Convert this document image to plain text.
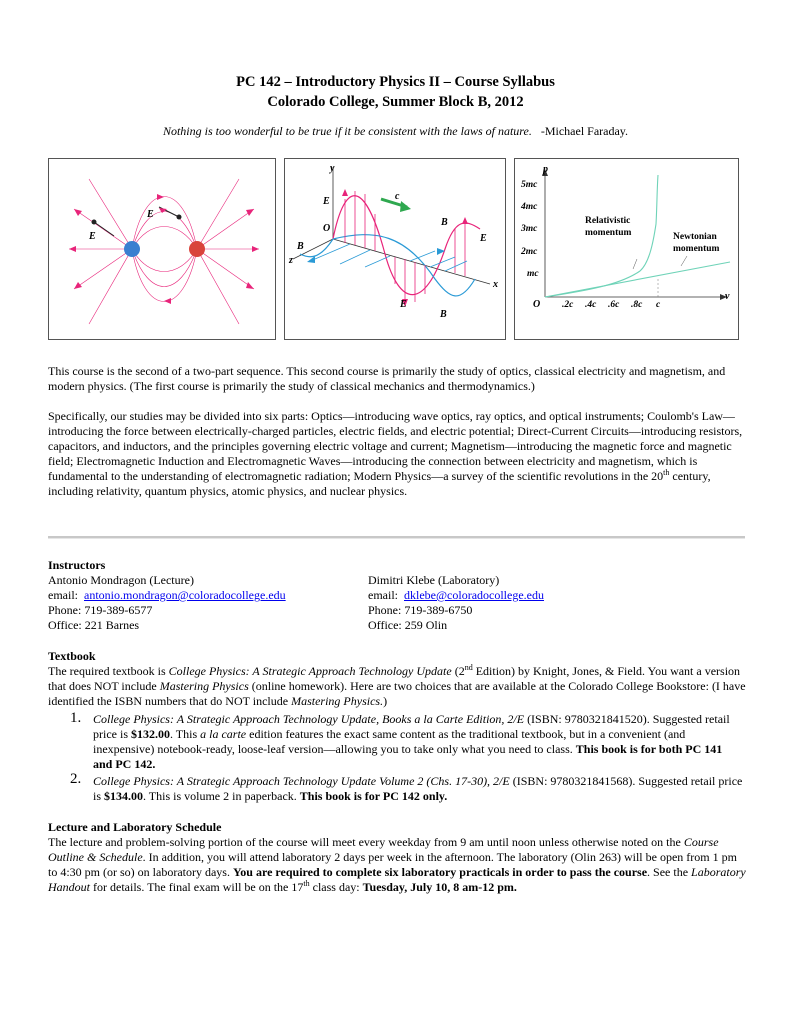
PC 142 – Introductory Physics II – Course Syllabus
Colorado College, Summer Block B, 2012
Nothing is too wonderful to be true if it be consistent with the laws of nature. -Michael Faraday.
E
E
y
x
z
O
c
E
E
E
B
B
B
p
v
O
5mc
4mc
3mc
2mc
mc
.2c .4c .6c .8c c
Relativistic
momentum	Newtonian
momentum
This course is the second of a two-part sequence. This second course is primarily the study of optics, classical electricity and magnetism, and modern physics. (The first course is primarily the study of classical mechanics and thermodynamics.)
Specifically, our studies may be divided into six parts: Optics—introducing wave optics, ray optics, and optical instruments; Coulomb's Law—introducing the force between electrically-charged particles, electric fields, and electric potential; Direct-Current Circuits—introducing resistors, capacitors, and inductors, and the principles governing electric voltage and current; Magnetism—introducing the magnetic force and magnetic field; Electromagnetic Induction and Electromagnetic Waves—introducing the connection between electricity and magnetism, which is fundamental to the understanding of electromagnetic radiation; Modern Physics—a survey of the scientific revolutions in the 20th century, including relativity, quantum physics, atomic physics, and nuclear physics.
Instructors
Antonio Mondragon (Lecture)
email: antonio.mondragon@coloradocollege.edu
Phone: 719-389-6577
Office: 221 Barnes
Dimitri Klebe (Laboratory)
email: dklebe@coloradocollege.edu
Phone: 719-389-6750
Office: 259 Olin
Textbook
The required textbook is College Physics: A Strategic Approach Technology Update (2nd Edition) by Knight, Jones, & Field. You want a version that does NOT include Mastering Physics (online homework). Here are two choices that are available at the Colorado College Bookstore: (I have identified the ISBN numbers that do NOT include Mastering Physics.)
1. College Physics: A Strategic Approach Technology Update, Books a la Carte Edition, 2/E (ISBN: 9780321841520). Suggested retail price is $132.00. This a la carte edition features the exact same content as the traditional textbook, but in a convenient (and inexpensive) notebook-ready, loose-leaf version—allowing you to take only what you need to class. This book is for both PC 141 and PC 142.
2. College Physics: A Strategic Approach Technology Update Volume 2 (Chs. 17-30), 2/E (ISBN: 9780321841568). Suggested retail price is $134.00. This is volume 2 in paperback. This book is for PC 142 only.
Lecture and Laboratory Schedule
The lecture and problem-solving portion of the course will meet every weekday from 9 am until noon unless otherwise noted on the Course Outline & Schedule. In addition, you will attend laboratory 2 days per week in the afternoon. The laboratory (Olin 263) will be open from 1 pm to 4:30 pm (or so) on laboratory days. You are required to complete six laboratory practicals in order to pass the course. See the Laboratory Handout for details. The final exam will be on the 17th class day: Tuesday, July 10, 8 am-12 pm.
